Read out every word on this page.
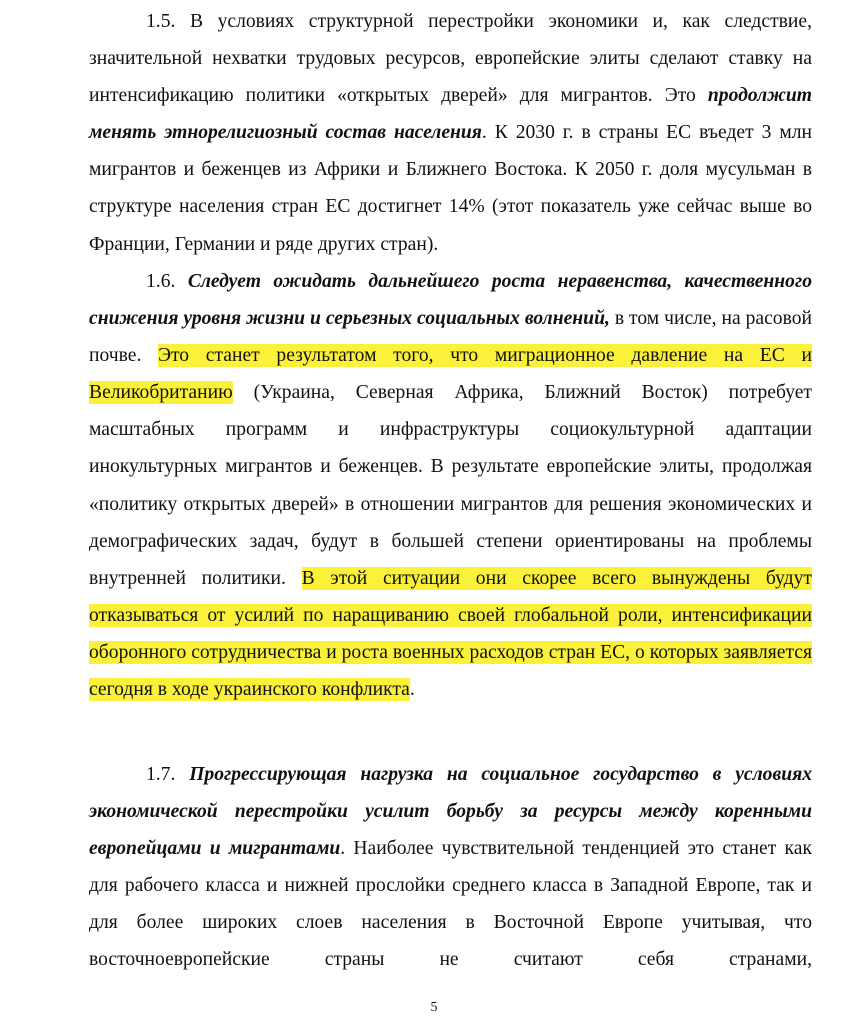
1.5. В условиях структурной перестройки экономики и, как следствие, значительной нехватки трудовых ресурсов, европейские элиты сделают ставку на интенсификацию политики «открытых дверей» для мигрантов. Это продолжит менять этнорелигиозный состав населения. К 2030 г. в страны ЕС въедет 3 млн мигрантов и беженцев из Африки и Ближнего Востока. К 2050 г. доля мусульман в структуре населения стран ЕС достигнет 14% (этот показатель уже сейчас выше во Франции, Германии и ряде других стран).

1.6. Следует ожидать дальнейшего роста неравенства, качественного снижения уровня жизни и серьезных социальных волнений, в том числе, на расовой почве. Это станет результатом того, что миграционное давление на ЕС и Великобританию (Украина, Северная Африка, Ближний Восток) потребует масштабных программ и инфраструктуры социокультурной адаптации инокультурных мигрантов и беженцев. В результате европейские элиты, продолжая «политику открытых дверей» в отношении мигрантов для решения экономических и демографических задач, будут в большей степени ориентированы на проблемы внутренней политики. В этой ситуации они скорее всего вынуждены будут отказываться от усилий по наращиванию своей глобальной роли, интенсификации оборонного сотрудничества и роста военных расходов стран ЕС, о которых заявляется сегодня в ходе украинского конфликта.

1.7. Прогрессирующая нагрузка на социальное государство в условиях экономической перестройки усилит борьбу за ресурсы между коренными европейцами и мигрантами. Наиболее чувствительной тенденцией это станет как для рабочего класса и нижней прослойки среднего класса в Западной Европе, так и для более широких слоев населения в Восточной Европе учитывая, что восточноевропейские страны не считают себя странами,

5
